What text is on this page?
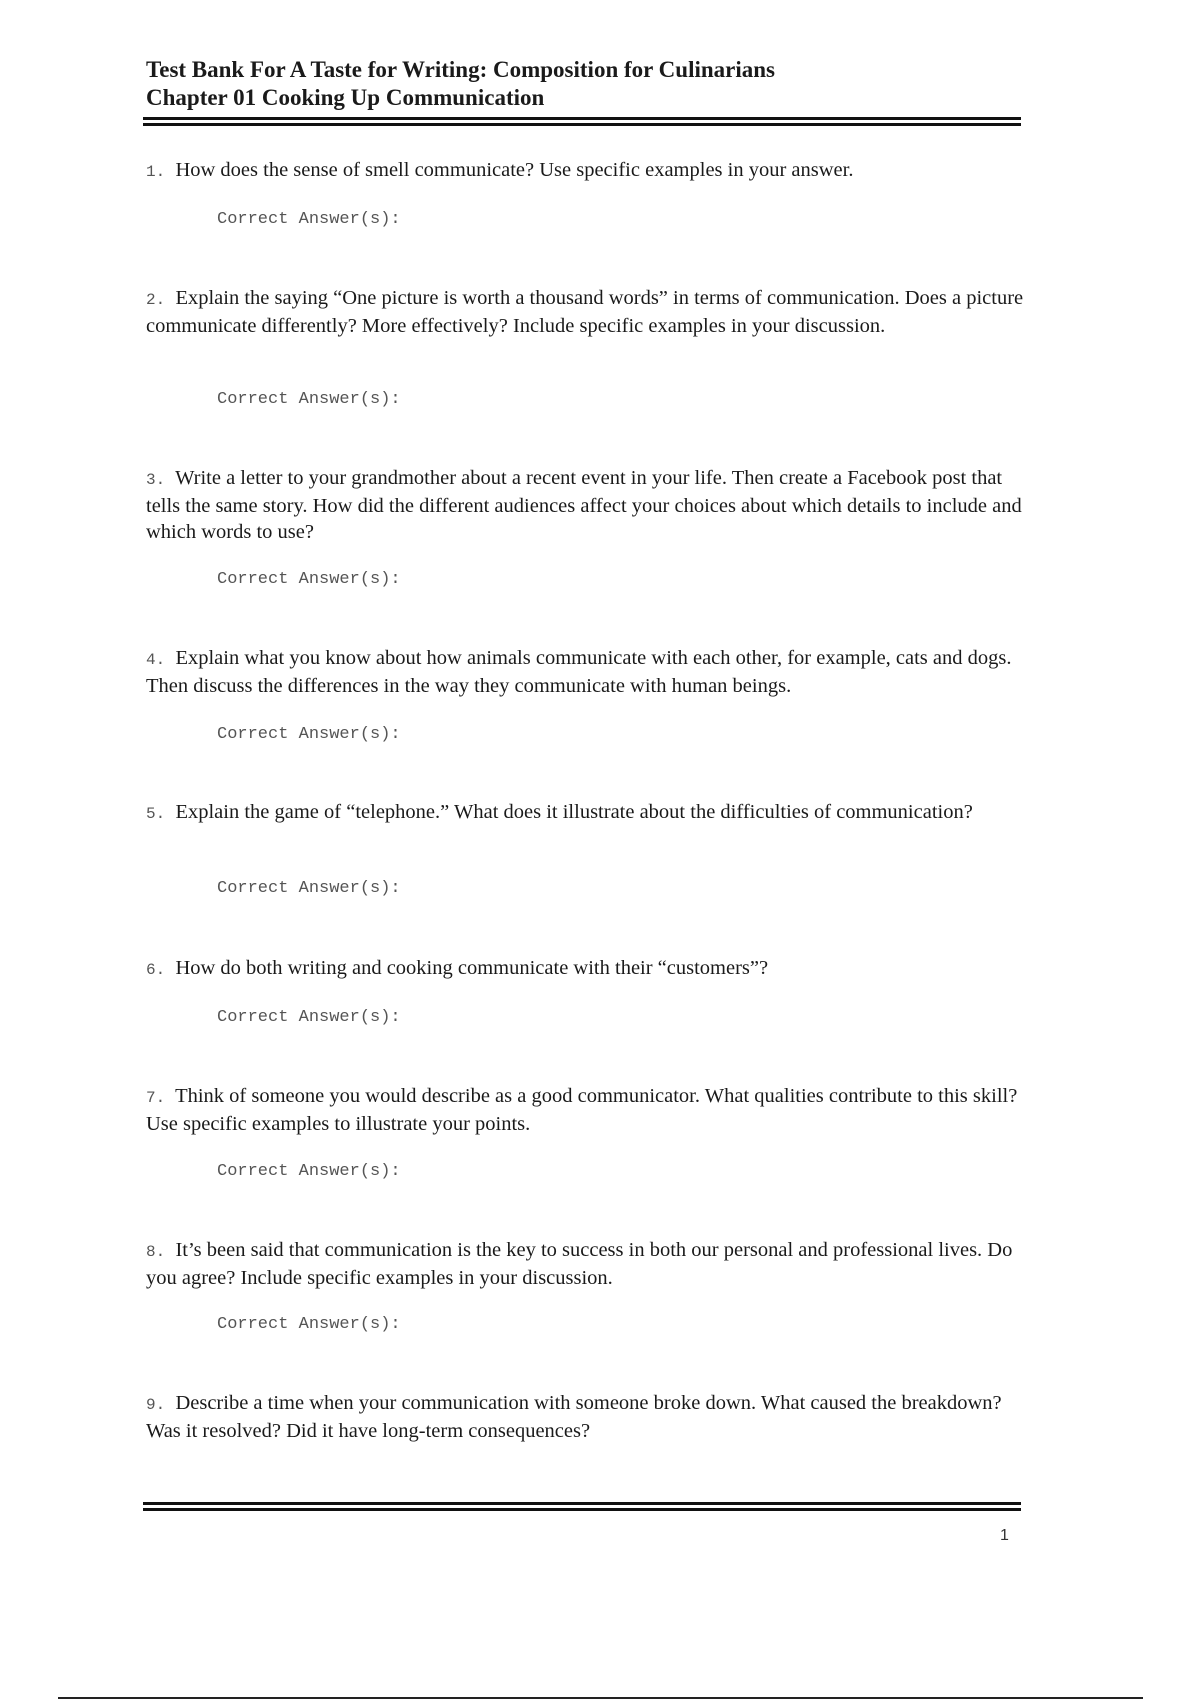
Test Bank For A Taste for Writing: Composition for Culinarians

Chapter 01 Cooking Up Communication

1. How does the sense of smell communicate? Use specific examples in your answer.

Correct Answer(s):

2. Explain the saying “One picture is worth a thousand words” in terms of communication. Does a picture communicate differently? More effectively? Include specific examples in your discussion.

Correct Answer(s):

3. Write a letter to your grandmother about a recent event in your life. Then create a Facebook post that tells the same story. How did the different audiences affect your choices about which details to include and which words to use?

Correct Answer(s):

4. Explain what you know about how animals communicate with each other, for example, cats and dogs. Then discuss the differences in the way they communicate with human beings.

Correct Answer(s):

5. Explain the game of “telephone.” What does it illustrate about the difficulties of communication?

Correct Answer(s):

6. How do both writing and cooking communicate with their “customers”?

Correct Answer(s):

7. Think of someone you would describe as a good communicator. What qualities contribute to this skill? Use specific examples to illustrate your points.

Correct Answer(s):

8. It’s been said that communication is the key to success in both our personal and professional lives. Do you agree? Include specific examples in your discussion.

Correct Answer(s):

9. Describe a time when your communication with someone broke down. What caused the breakdown? Was it resolved? Did it have long-term consequences?

1
